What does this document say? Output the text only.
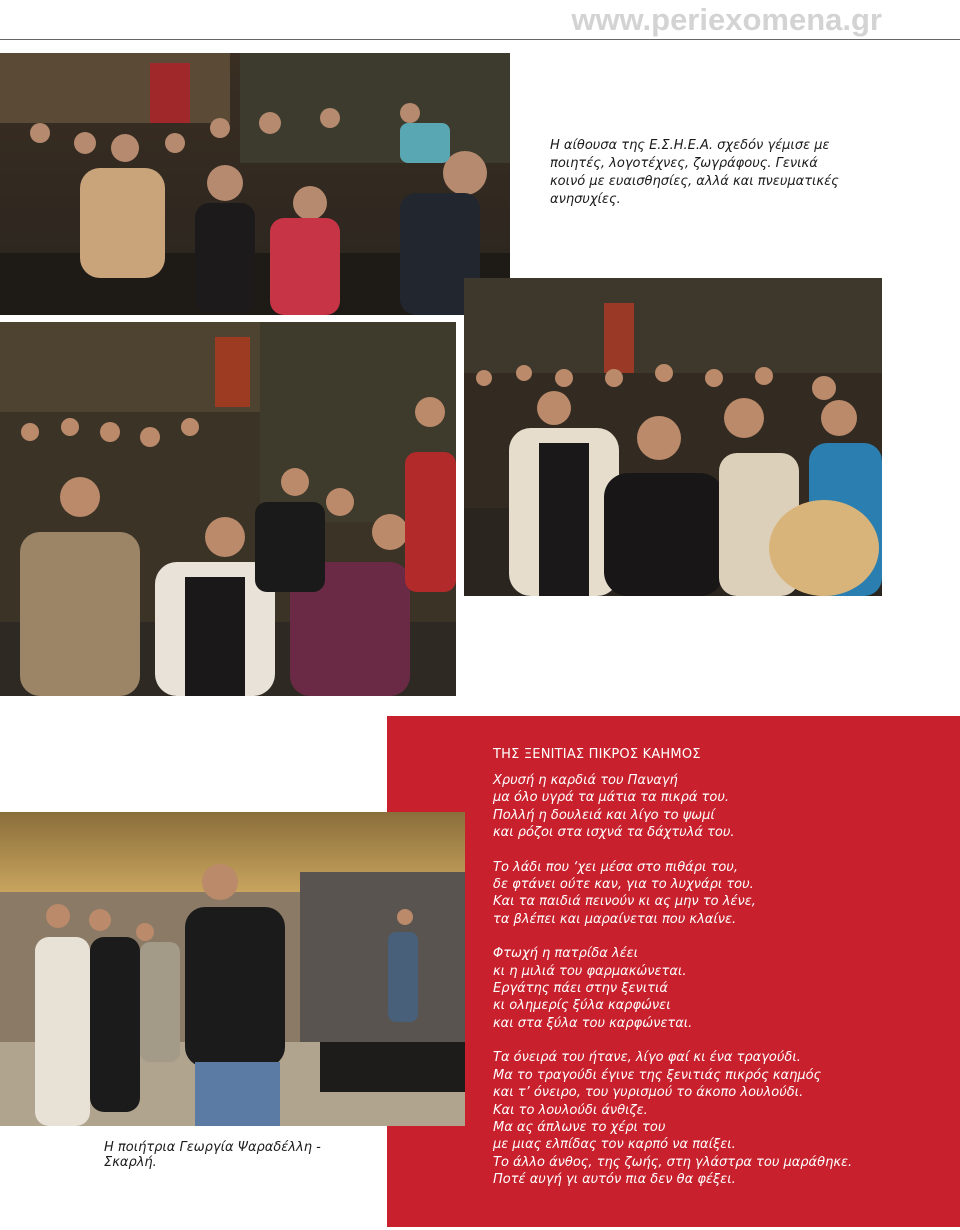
www.periexomena.gr

Η αίθουσα της Ε.Σ.Η.Ε.Α. σχεδόν γέμισε με ποιητές, λογοτέχνες, ζωγράφους. Γενικά κοινό με ευαισθησίες, αλλά και πνευματικές ανησυχίες.

ΤΗΣ ΞΕΝΙΤΙΑΣ ΠΙΚΡΟΣ ΚΑΗΜΟΣ
Χρυσή η καρδιά του Παναγή
μα όλο υγρά τα μάτια τα πικρά του.
Πολλή η δουλειά και λίγο το ψωμί
και ρόζοι στα ισχνά τα δάχτυλά του.
Το λάδι που ‘χει μέσα στο πιθάρι του,
δε φτάνει ούτε καν, για το λυχνάρι του.
Και τα παιδιά πεινούν κι ας μην το λένε,
τα βλέπει και μαραίνεται που κλαίνε.
Φτωχή η πατρίδα λέει
κι η μιλιά του φαρμακώνεται.
Εργάτης πάει στην ξενιτιά
κι ολημερίς ξύλα καρφώνει
και στα ξύλα του καρφώνεται.
Τα όνειρά του ήτανε, λίγο φαί κι ένα τραγούδι.
Μα το τραγούδι έγινε της ξενιτιάς πικρός καημός
και τ’ όνειρο, του γυρισμού το άκοπο λουλούδι.
Και το λουλούδι άνθιζε.
Μα ας άπλωνε το χέρι του
με μιας ελπίδας τον καρπό να παίξει.
Το άλλο άνθος, της ζωής, στη γλάστρα του μαράθηκε.
Ποτέ αυγή γι αυτόν πια δεν θα φέξει.

Η ποιήτρια Γεωργία Ψαραδέλλη - Σκαρλή.
